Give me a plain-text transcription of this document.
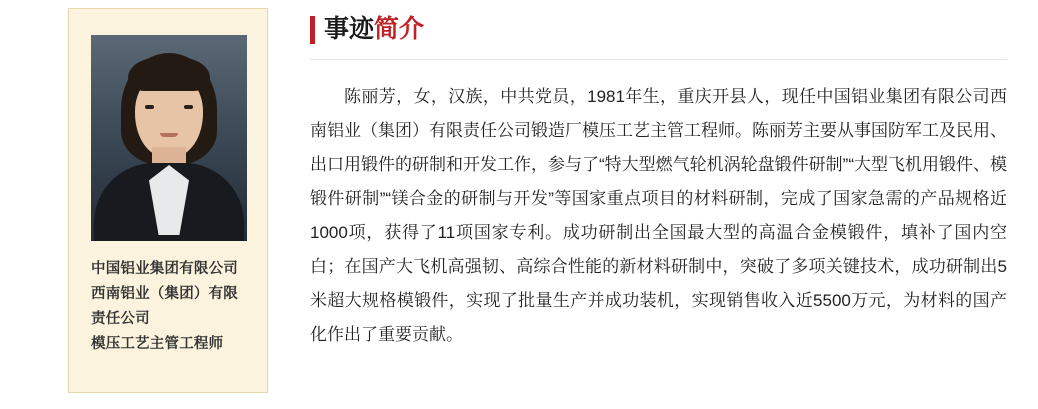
中国铝业集团有限公司
西南铝业（集团）有限
责任公司
模压工艺主管工程师
事迹简介

陈丽芳，女，汉族，中共党员，1981年生，重庆开县人，现任中国铝业集团有限公司西南铝业（集团）有限责任公司锻造厂模压工艺主管工程师。陈丽芳主要从事国防军工及民用、出口用锻件的研制和开发工作，参与了“特大型燃气轮机涡轮盘锻件研制”“大型飞机用锻件、模锻件研制”“镁合金的研制与开发”等国家重点项目的材料研制，完成了国家急需的产品规格近1000项，获得了11项国家专利。成功研制出全国最大型的高温合金模锻件，填补了国内空白；在国产大飞机高强韧、高综合性能的新材料研制中，突破了多项关键技术，成功研制出5米超大规格模锻件，实现了批量生产并成功装机，实现销售收入近5500万元，为材料的国产化作出了重要贡献。
